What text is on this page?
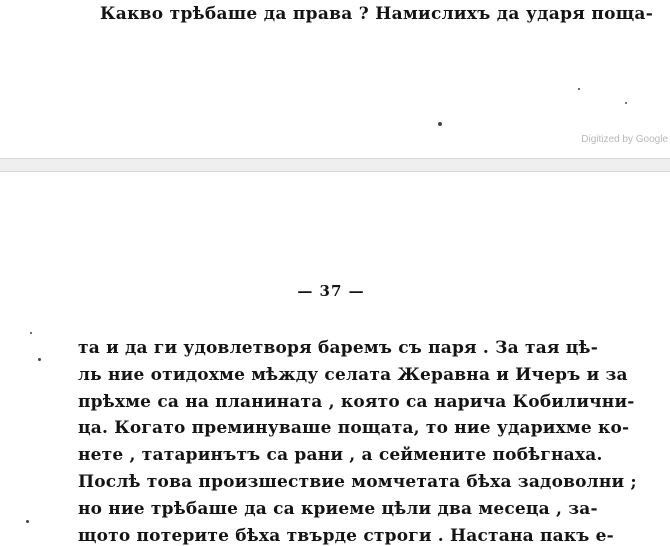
Какво трѣбаше да права ? Намислихъ да ударя поща-
Digitized by Google
— 37 —
та и да ги удовлетворя баремъ съ паря . За тая цѣ-
ль ние отидохме мѣжду селата Жеравна и Ичеръ и за
прѣхме са на планината , която са нарича Кобилични-
ца. Когато преминуваше пощата, то ние ударихме ко-
нете , татаринътъ са рани , а сеймените побѣгнаха.
Послѣ това произшествие момчетата бѣха задоволни ;
но ние трѣбаше да са криеме цѣли два месеца , за-
щото потерите бѣха твърде строги . Настана пакъ е-
